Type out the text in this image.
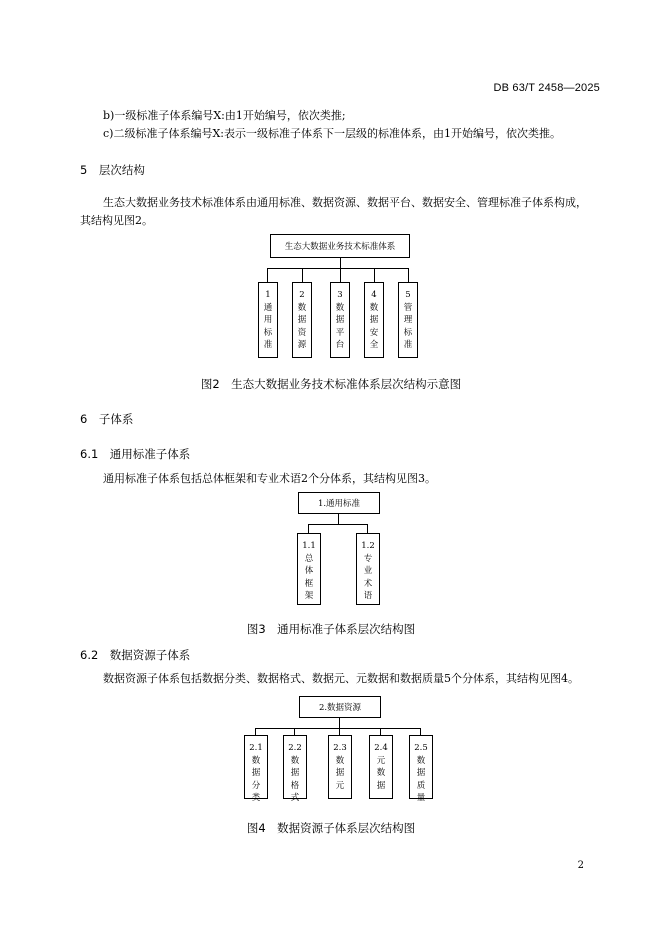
DB 63/T 2458—2025
b)一级标准子体系编号X:由1开始编号，依次类推;
c)二级标准子体系编号X:表示一级标准子体系下一层级的标准体系，由1开始编号，依次类推。
5　层次结构
生态大数据业务技术标准体系由通用标准、数据资源、数据平台、数据安全、管理标准子体系构成，
其结构见图2。
生态大数据业务技术标准体系
1
通
用
标
准
2
数
据
资
源
3
数
据
平
台
4
数
据
安
全
5
管
理
标
准
图2　生态大数据业务技术标准体系层次结构示意图
6　子体系
6.1　通用标准子体系
通用标准子体系包括总体框架和专业术语2个分体系，其结构见图3。
1.通用标准
1.1
总
体
框
架
1.2
专
业
术
语
图3　通用标准子体系层次结构图
6.2　数据资源子体系
数据资源子体系包括数据分类、数据格式、数据元、元数据和数据质量5个分体系，其结构见图4。
2.数据资源
2.1
数
据
分
类
2.2
数
据
格
式
2.3
数
据
元
2.4
元
数
据
2.5
数
据
质
量
图4　数据资源子体系层次结构图
2
